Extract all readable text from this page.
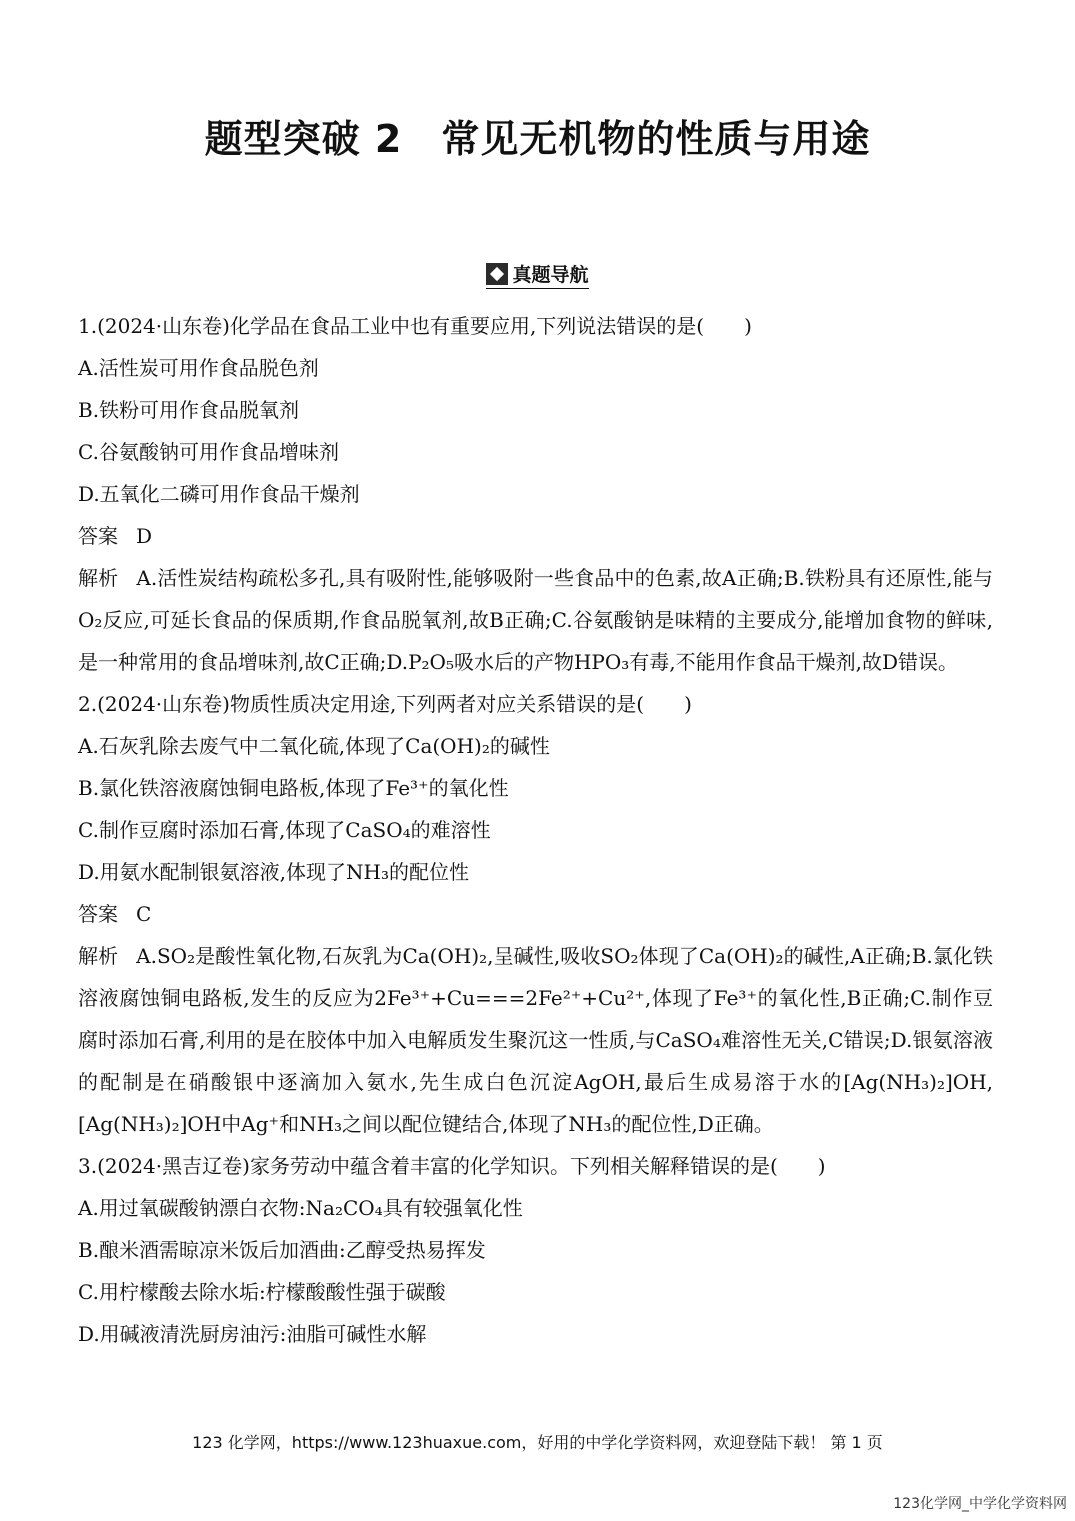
题型突破 2　常见无机物的性质与用途
真题导航
1.(2024·山东卷)化学品在食品工业中也有重要应用,下列说法错误的是(　　)
A.活性炭可用作食品脱色剂
B.铁粉可用作食品脱氧剂
C.谷氨酸钠可用作食品增味剂
D.五氧化二磷可用作食品干燥剂
答案 D
解析 A.活性炭结构疏松多孔,具有吸附性,能够吸附一些食品中的色素,故A正确;B.铁粉具有还原性,能与O₂反应,可延长食品的保质期,作食品脱氧剂,故B正确;C.谷氨酸钠是味精的主要成分,能增加食物的鲜味,是一种常用的食品增味剂,故C正确;D.P₂O₅吸水后的产物HPO₃有毒,不能用作食品干燥剂,故D错误。
2.(2024·山东卷)物质性质决定用途,下列两者对应关系错误的是(　　)
A.石灰乳除去废气中二氧化硫,体现了Ca(OH)₂的碱性
B.氯化铁溶液腐蚀铜电路板,体现了Fe³⁺的氧化性
C.制作豆腐时添加石膏,体现了CaSO₄的难溶性
D.用氨水配制银氨溶液,体现了NH₃的配位性
答案 C
解析 A.SO₂是酸性氧化物,石灰乳为Ca(OH)₂,呈碱性,吸收SO₂体现了Ca(OH)₂的碱性,A正确;B.氯化铁溶液腐蚀铜电路板,发生的反应为2Fe³⁺+Cu===2Fe²⁺+Cu²⁺,体现了Fe³⁺的氧化性,B正确;C.制作豆腐时添加石膏,利用的是在胶体中加入电解质发生聚沉这一性质,与CaSO₄难溶性无关,C错误;D.银氨溶液的配制是在硝酸银中逐滴加入氨水,先生成白色沉淀AgOH,最后生成易溶于水的[Ag(NH₃)₂]OH,[Ag(NH₃)₂]OH中Ag⁺和NH₃之间以配位键结合,体现了NH₃的配位性,D正确。
3.(2024·黑吉辽卷)家务劳动中蕴含着丰富的化学知识。下列相关解释错误的是(　　)
A.用过氧碳酸钠漂白衣物:Na₂CO₄具有较强氧化性
B.酿米酒需晾凉米饭后加酒曲:乙醇受热易挥发
C.用柠檬酸去除水垢:柠檬酸酸性强于碳酸
D.用碱液清洗厨房油污:油脂可碱性水解
123 化学网，https://www.123huaxue.com，好用的中学化学资料网，欢迎登陆下载！ 第 1 页
123化学网_中学化学资料网
